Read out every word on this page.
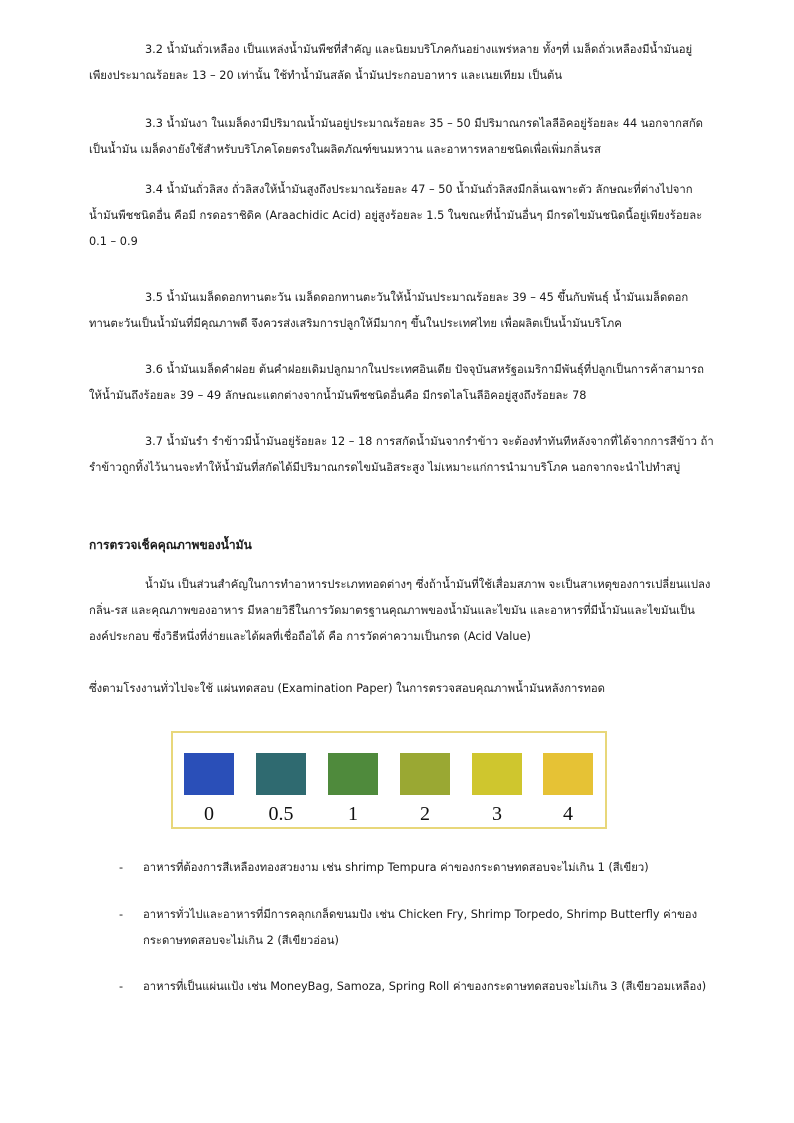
3.2 น้ำมันถั่วเหลือง เป็นแหล่งน้ำมันพืชที่สำคัญ และนิยมบริโภคกันอย่างแพร่หลาย ทั้งๆที่ เมล็ดถั่วเหลืองมีน้ำมันอยู่เพียงประมาณร้อยละ 13 – 20 เท่านั้น ใช้ทำน้ำมันสลัด น้ำมันประกอบอาหาร และเนยเทียม เป็นต้น

3.3 น้ำมันงา ในเมล็ดงามีปริมาณน้ำมันอยู่ประมาณร้อยละ 35 – 50 มีปริมาณกรดไลลีอิคอยู่ร้อยละ 44 นอกจากสกัดเป็นน้ำมัน เมล็ดงายังใช้สำหรับบริโภคโดยตรงในผลิตภัณฑ์ขนมหวาน และอาหารหลายชนิดเพื่อเพิ่มกลิ่นรส

3.4 น้ำมันถั่วลิสง ถั่วลิสงให้น้ำมันสูงถึงประมาณร้อยละ 47 – 50 น้ำมันถั่วลิสงมีกลิ่นเฉพาะตัว ลักษณะที่ต่างไปจากน้ำมันพืชชนิดอื่น คือมี กรดอราชิดิค (Araachidic Acid) อยู่สูงร้อยละ 1.5 ในขณะที่น้ำมันอื่นๆ มีกรดไขมันชนิดนี้อยู่เพียงร้อยละ 0.1 – 0.9

3.5 น้ำมันเมล็ดดอกทานตะวัน เมล็ดดอกทานตะวันให้น้ำมันประมาณร้อยละ 39 – 45 ขึ้นกับพันธุ์ น้ำมันเมล็ดดอกทานตะวันเป็นน้ำมันที่มีคุณภาพดี จึงควรส่งเสริมการปลูกให้มีมากๆ ขึ้นในประเทศไทย เพื่อผลิตเป็นน้ำมันบริโภค

3.6 น้ำมันเมล็ดคำฝอย ต้นคำฝอยเดิมปลูกมากในประเทศอินเดีย ปัจจุบันสหรัฐอเมริกามีพันธุ์ที่ปลูกเป็นการค้าสามารถให้น้ำมันถึงร้อยละ 39 – 49 ลักษณะแตกต่างจากน้ำมันพืชชนิดอื่นคือ มีกรดไลโนลีอิคอยู่สูงถึงร้อยละ 78

3.7 น้ำมันรำ รำข้าวมีน้ำมันอยู่ร้อยละ 12 – 18 การสกัดน้ำมันจากรำข้าว จะต้องทำทันทีหลังจากที่ได้จากการสีข้าว ถ้ารำข้าวถูกทิ้งไว้นานจะทำให้น้ำมันที่สกัดได้มีปริมาณกรดไขมันอิสระสูง ไม่เหมาะแก่การนำมาบริโภค นอกจากจะนำไปทำสบู่

การตรวจเช็คคุณภาพของน้ำมัน

น้ำมัน เป็นส่วนสำคัญในการทำอาหารประเภททอดต่างๆ ซึ่งถ้าน้ำมันที่ใช้เสื่อมสภาพ จะเป็นสาเหตุของการเปลี่ยนแปลง กลิ่น-รส และคุณภาพของอาหาร มีหลายวิธีในการวัดมาตรฐานคุณภาพของน้ำมันและไขมัน และอาหารที่มีน้ำมันและไขมันเป็นองค์ประกอบ ซึ่งวิธีหนึ่งที่ง่ายและได้ผลที่เชื่อถือได้ คือ การวัดค่าความเป็นกรด (Acid Value)

ซึ่งตามโรงงานทั่วไปจะใช้ แผ่นทดสอบ (Examination Paper) ในการตรวจสอบคุณภาพน้ำมันหลังการทอด

0	0.5	1	2	3	4
- อาหารที่ต้องการสีเหลืองทองสวยงาม เช่น shrimp Tempura ค่าของกระดาษทดสอบจะไม่เกิน 1 (สีเขียว)
- อาหารทั่วไปและอาหารที่มีการคลุกเกล็ดขนมปัง เช่น Chicken Fry, Shrimp Torpedo, Shrimp Butterfly ค่าของกระดาษทดสอบจะไม่เกิน 2 (สีเขียวอ่อน)
- อาหารที่เป็นแผ่นแป้ง เช่น MoneyBag, Samoza, Spring Roll ค่าของกระดาษทดสอบจะไม่เกิน 3 (สีเขียวอมเหลือง)
